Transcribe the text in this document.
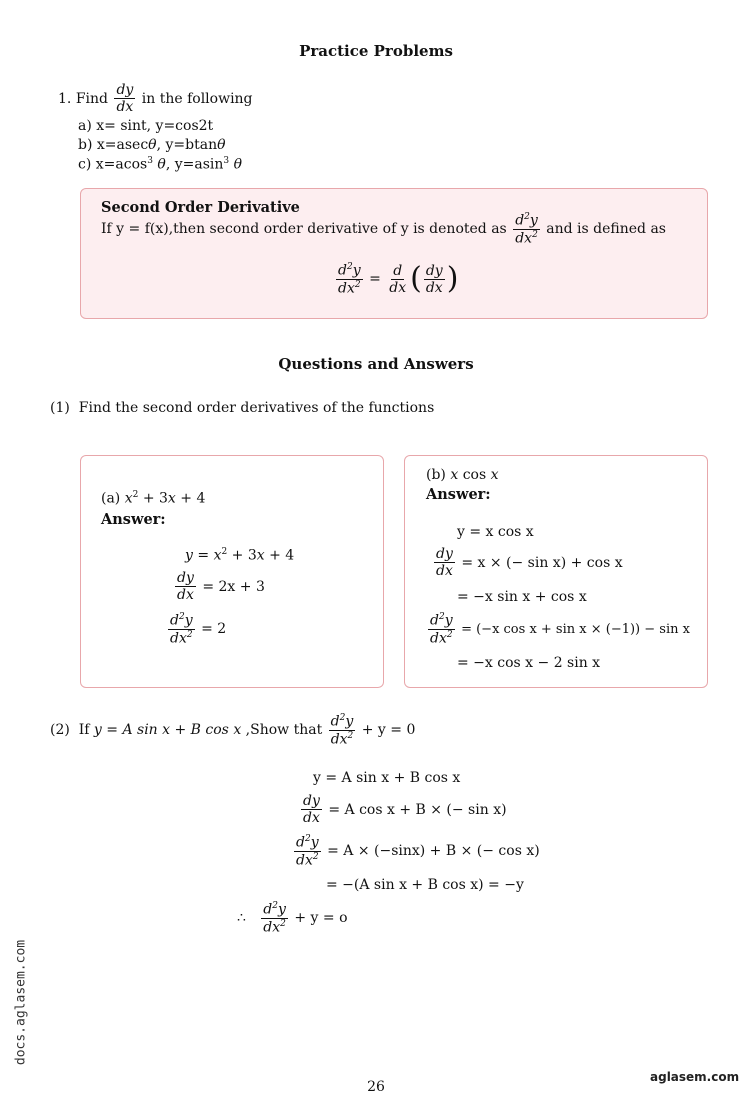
Practice Problems
1.
Find
$\frac{dy}{dx}$
in the following
a) x= sint, y=cos2t
b) x=asecθ, y=btanθ
c) x=acos$^3$ θ, y=asin$^3$ θ
Second Order Derivative
If y = f(x),then second order derivative of y is denoted as
$\frac{d^2y}{dx^2}$
and is defined as
$\frac{d^2y}{dx^2} = \frac{d}{dx}$ ( $\frac{dy}{dx}$ )
Questions and Answers
(1) Find the second order derivatives of the functions
(a) $x^2 + 3x + 4$
Answer:
$y = x^2 + 3x + 4$
$\frac{dy}{dx}$
= 2x + 3
$\frac{d^2y}{dx^2}$
= 2
(b) x cos x
Answer:
y = x cos x
$\frac{dy}{dx}$
= x × (− sin x) + cos x
= −x sin x + cos x
$\frac{d^2y}{dx^2}$
= (−x cos x + sin x × (−1)) − sin x
= −x cos x − 2 sin x
(2)
If
y = A sin x + B cos x
,Show that
$\frac{d^2y}{dx^2}$
+ y = 0
y = A sin x + B cos x
$\frac{dy}{dx}$
= A cos x + B × (− sin x)
$\frac{d^2y}{dx^2}$
= A × (−sinx) + B × (− cos x)
= −(A sin x + B cos x) = −y
∴
$\frac{d^2y}{dx^2}$
+ y = o
26
docs.aglasem.com
aglasem.com
